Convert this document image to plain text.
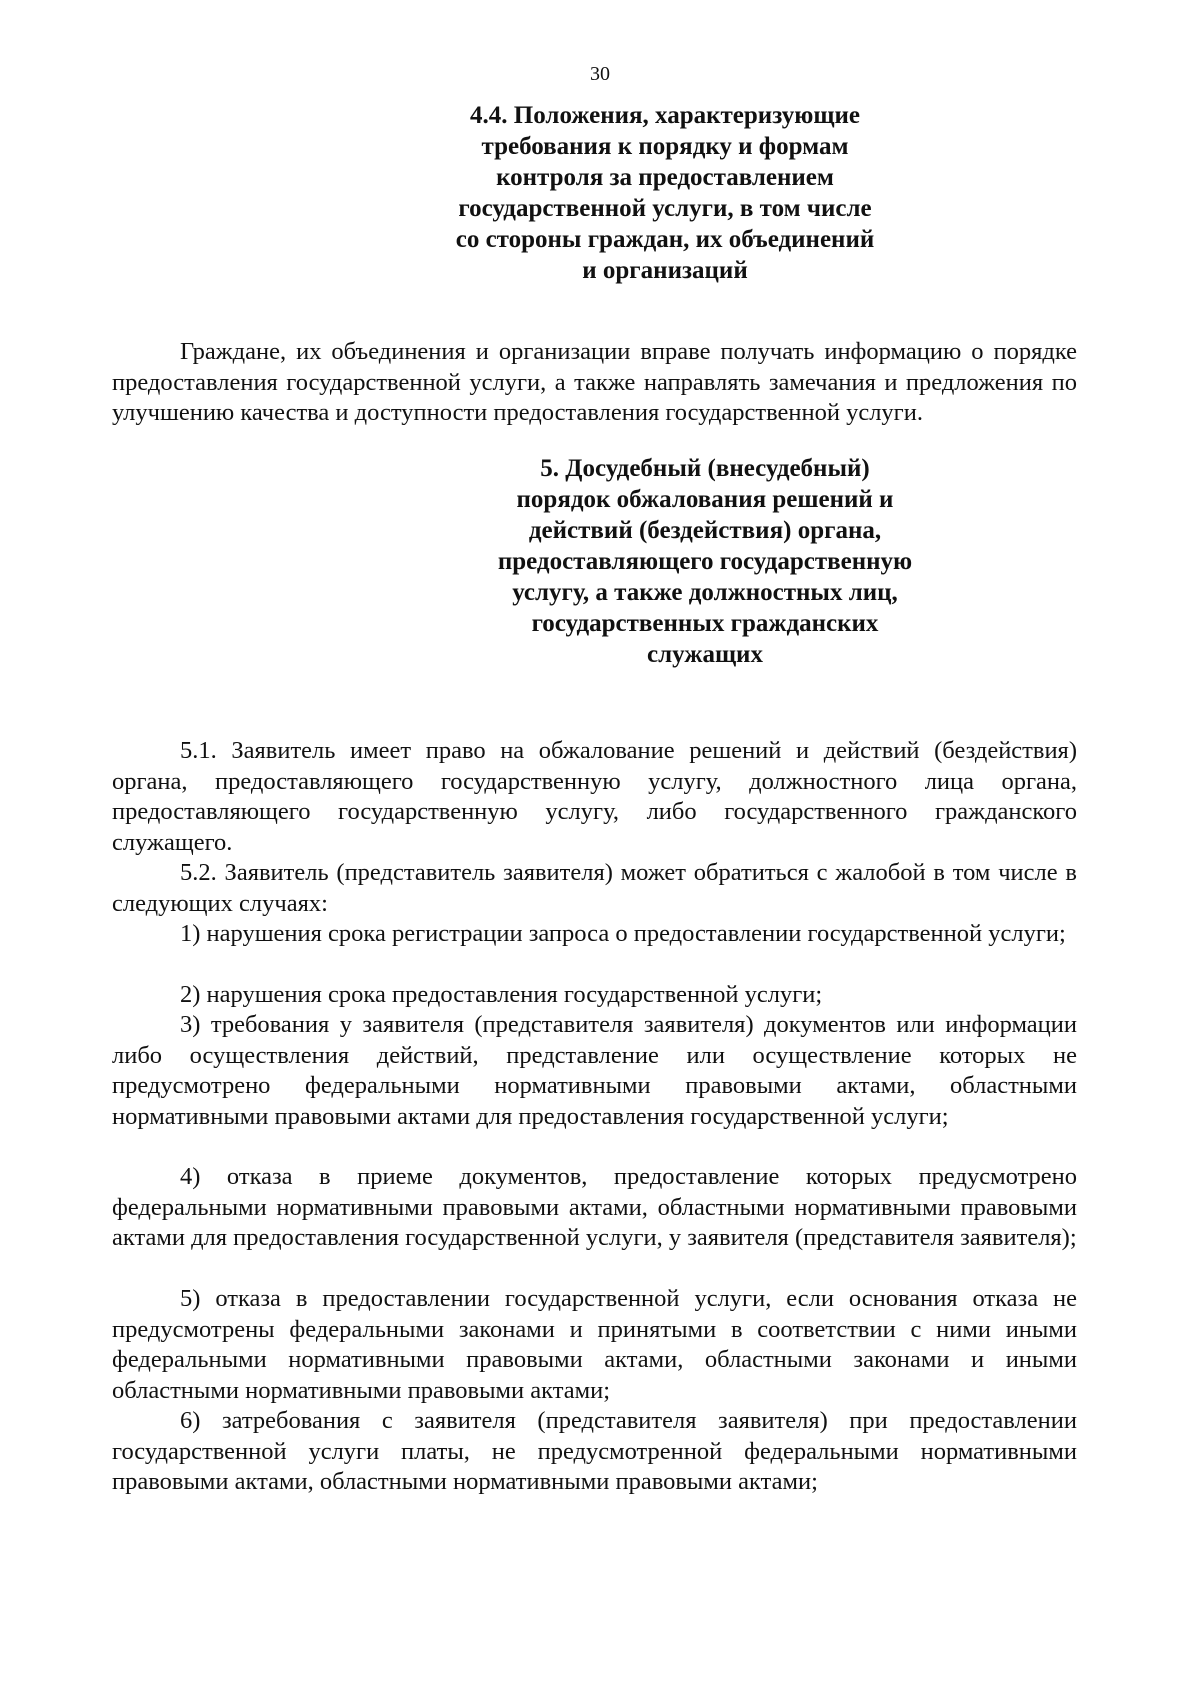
30
4.4. Положения, характеризующие
требования к порядку и формам
контроля за предоставлением
государственной услуги, в том числе
со стороны граждан, их объединений
и организаций

Граждане, их объединения и организации вправе получать информацию о порядке предоставления государственной услуги, а также направлять замечания и предложения по улучшению качества и доступности предоставления государственной услуги.

5. Досудебный (внесудебный)
порядок обжалования решений и
действий (бездействия) органа,
предоставляющего государственную
услугу, а также должностных лиц,
государственных гражданских
служащих

5.1. Заявитель имеет право на обжалование решений и действий (бездействия) органа, предоставляющего государственную услугу, должностного лица органа, предоставляющего государственную услугу, либо государственного гражданского служащего.

5.2. Заявитель (представитель заявителя) может обратиться с жалобой в том числе в следующих случаях:

1) нарушения срока регистрации запроса о предоставлении государственной услуги;

2) нарушения срока предоставления государственной услуги;

3) требования у заявителя (представителя заявителя) документов или информации либо осуществления действий, представление или осуществление которых не предусмотрено федеральными нормативными правовыми актами, областными нормативными правовыми актами для предоставления государственной услуги;

4) отказа в приеме документов, предоставление которых предусмотрено федеральными нормативными правовыми актами, областными нормативными правовыми актами для предоставления государственной услуги, у заявителя (представителя заявителя);

5) отказа в предоставлении государственной услуги, если основания отказа не предусмотрены федеральными законами и принятыми в соответствии с ними иными федеральными нормативными правовыми актами, областными законами и иными областными нормативными правовыми актами;

6) затребования с заявителя (представителя заявителя) при предоставлении государственной услуги платы, не предусмотренной федеральными нормативными правовыми актами, областными нормативными правовыми актами;
